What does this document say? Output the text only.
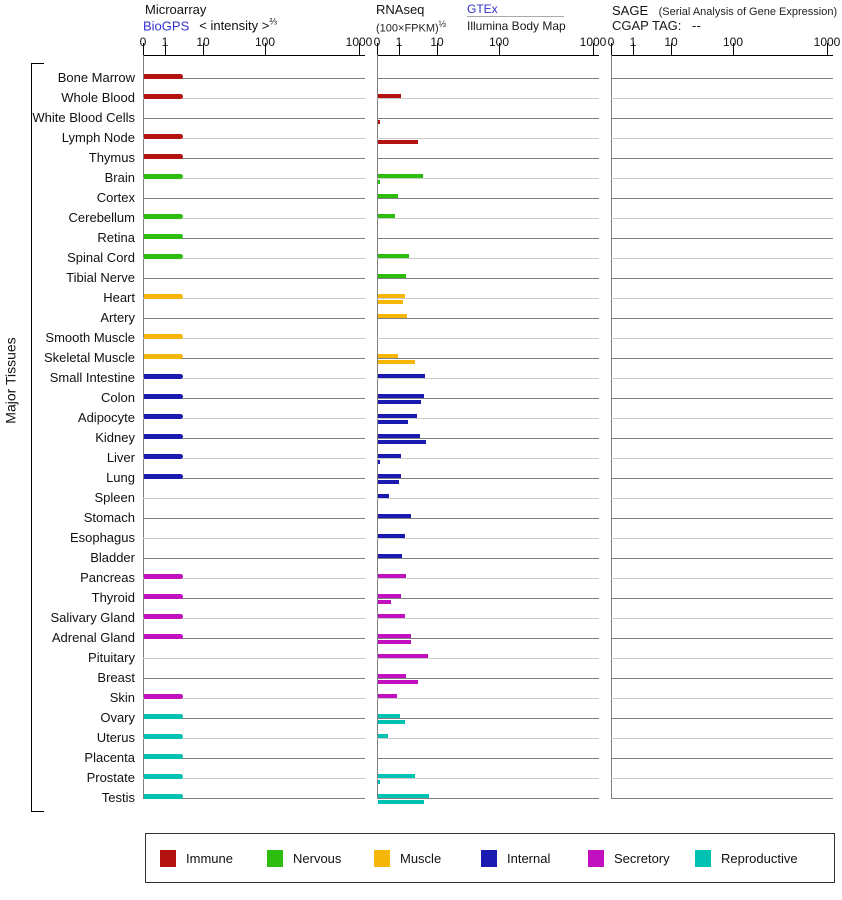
Major Tissues
Bone Marrow
Whole Blood
White Blood Cells
Lymph Node
Thymus
Brain
Cortex
Cerebellum
Retina
Spinal Cord
Tibial Nerve
Heart
Artery
Smooth Muscle
Skeletal Muscle
Small Intestine
Colon
Adipocyte
Kidney
Liver
Lung
Spleen
Stomach
Esophagus
Bladder
Pancreas
Thyroid
Salivary Gland
Adrenal Gland
Pituitary
Breast
Skin
Ovary
Uterus
Placenta
Prostate
Testis
Microarray
BioGPS < intensity >$^{\frac{2}{3}}$
RNAseq
(100×FPKM)$^{\frac{1}{2}}$
GTEx
Illumina Body Map
SAGE (Serial Analysis of Gene Expression)
CGAP TAG: --
0	1	10	100	1000 0	1	10	100	1000 0	1	10	100	1000
Immune	Nervous	Muscle	Internal	Secretory	Reproductive
